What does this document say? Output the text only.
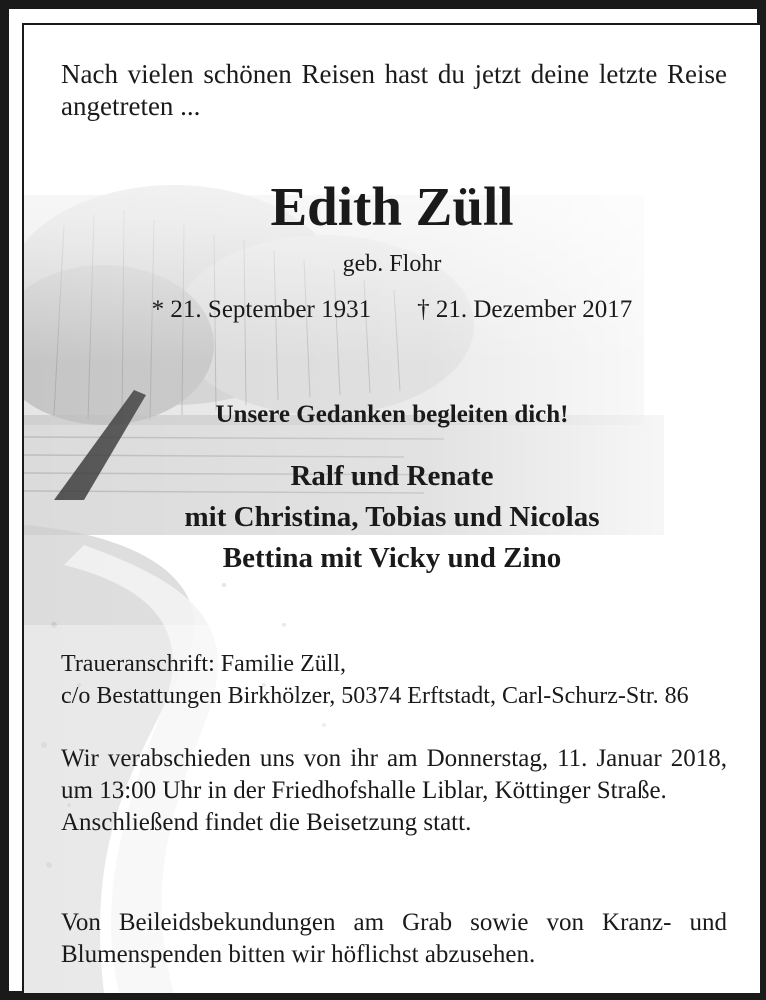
Nach vielen schönen Reisen hast du jetzt deine letzte Reise angetreten ...
Edith Züll
geb. Flohr
* 21. September 1931 † 21. Dezember 2017
Unsere Gedanken begleiten dich!
Ralf und Renate
mit Christina, Tobias und Nicolas
Bettina mit Vicky und Zino
Traueranschrift: Familie Züll,
c/o Bestattungen Birkhölzer, 50374 Erftstadt, Carl-Schurz-Str. 86
Wir verabschieden uns von ihr am Donnerstag, 11. Januar 2018, um 13:00 Uhr in der Friedhofshalle Liblar, Köttinger Straße.
Anschließend findet die Beisetzung statt.
Von Beileidsbekundungen am Grab sowie von Kranz- und Blumenspenden bitten wir höflichst abzusehen.
